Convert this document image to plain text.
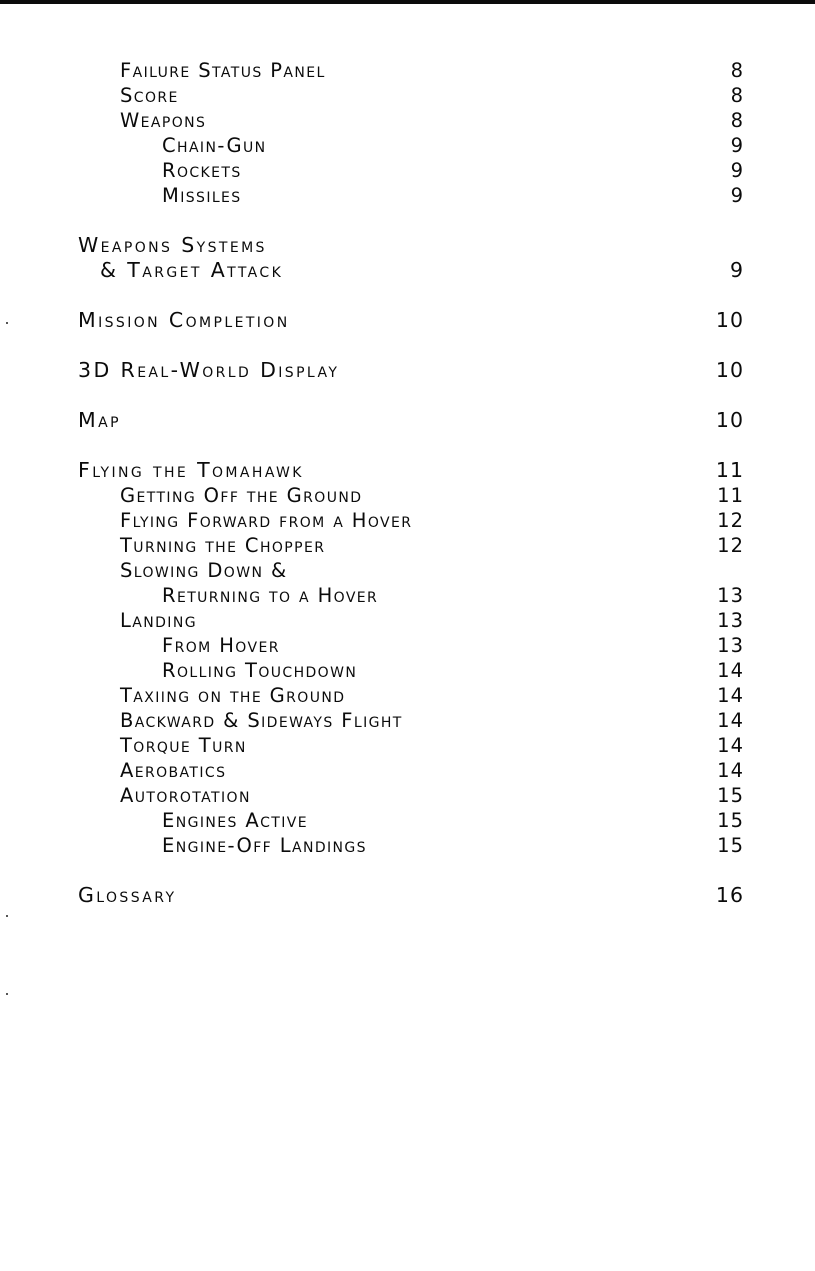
Failure Status Panel	8
Score	8
Weapons	8
Chain-Gun	9
Rockets	9
Missiles	9
Weapons Systems
& Target Attack	9
Mission Completion	10
3D Real-World Display	10
Map	10
Flying the Tomahawk	11
Getting Off the Ground	11
Flying Forward from a Hover	12
Turning the Chopper	12
Slowing Down &
Returning to a Hover	13
Landing	13
From Hover	13
Rolling Touchdown	14
Taxiing on the Ground	14
Backward & Sideways Flight	14
Torque Turn	14
Aerobatics	14
Autorotation	15
Engines Active	15
Engine-Off Landings	15
Glossary	16
